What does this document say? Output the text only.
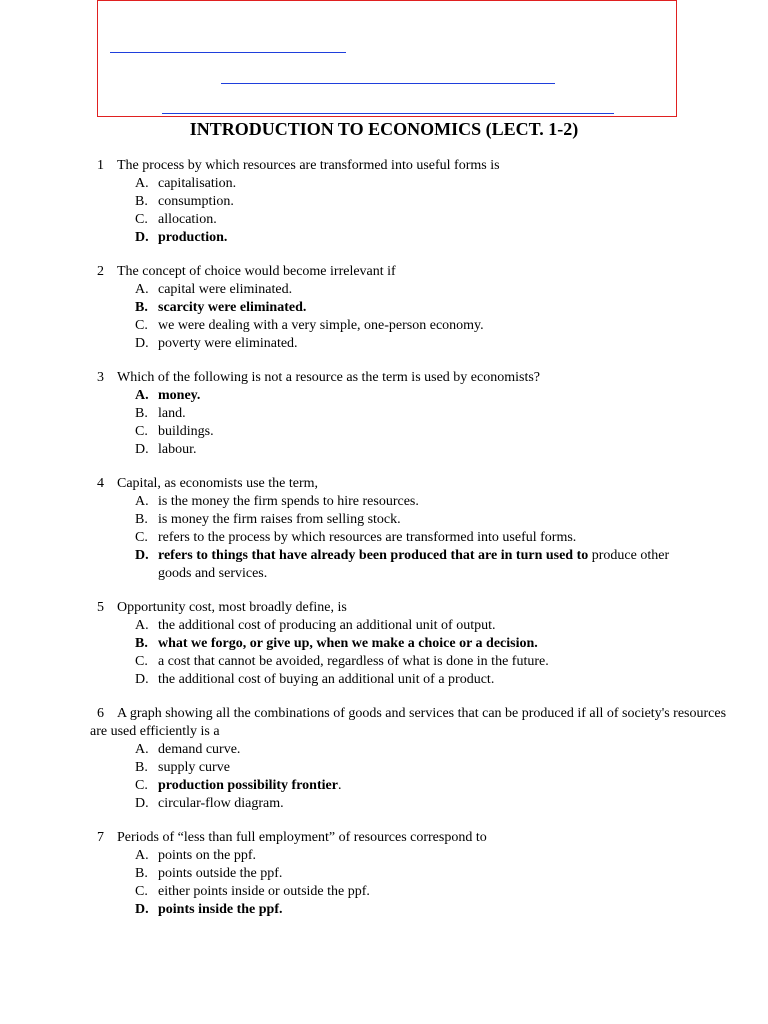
INTRODUCTION TO ECONOMICS (LECT. 1-2)
1 The process by which resources are transformed into useful forms is
A. capitalisation.
B. consumption.
C. allocation.
D. production.
2 The concept of choice would become irrelevant if
A. capital were eliminated.
B. scarcity were eliminated.
C. we were dealing with a very simple, one-person economy.
D. poverty were eliminated.
3 Which of the following is not a resource as the term is used by economists?
A. money.
B. land.
C. buildings.
D. labour.
4 Capital, as economists use the term,
A. is the money the firm spends to hire resources.
B. is money the firm raises from selling stock.
C. refers to the process by which resources are transformed into useful forms.
D. refers to things that have already been produced that are in turn used to produce other goods and services.
5 Opportunity cost, most broadly define, is
A. the additional cost of producing an additional unit of output.
B. what we forgo, or give up, when we make a choice or a decision.
C. a cost that cannot be avoided, regardless of what is done in the future.
D. the additional cost of buying an additional unit of a product.
6 A graph showing all the combinations of goods and services that can be produced if all of society's resources are used efficiently is a
A. demand curve.
B. supply curve
C. production possibility frontier.
D. circular-flow diagram.
7 Periods of “less than full employment” of resources correspond to
A. points on the ppf.
B. points outside the ppf.
C. either points inside or outside the ppf.
D. points inside the ppf.
